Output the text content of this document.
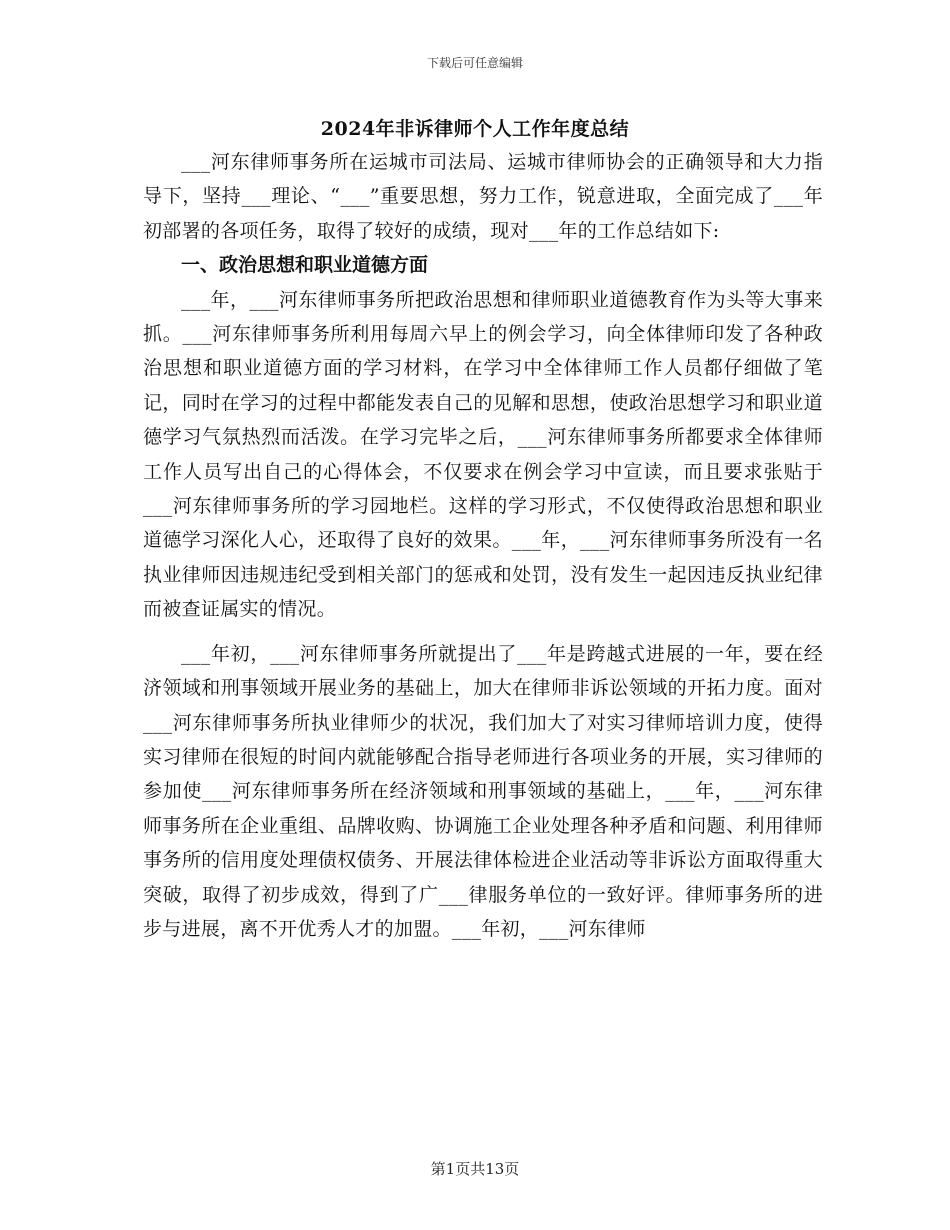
下载后可任意编辑
2024年非诉律师个人工作年度总结

___河东律师事务所在运城市司法局、运城市律师协会的正确领导和大力指导下，坚持___理论、“___”重要思想，努力工作，锐意进取，全面完成了___年初部署的各项任务，取得了较好的成绩，现对___年的工作总结如下:

一、政治思想和职业道德方面

___年，___河东律师事务所把政治思想和律师职业道德教育作为头等大事来抓。___河东律师事务所利用每周六早上的例会学习，向全体律师印发了各种政治思想和职业道德方面的学习材料，在学习中全体律师工作人员都仔细做了笔记，同时在学习的过程中都能发表自己的见解和思想，使政治思想学习和职业道德学习气氛热烈而活泼。在学习完毕之后，___河东律师事务所都要求全体律师工作人员写出自己的心得体会，不仅要求在例会学习中宣读，而且要求张贴于___河东律师事务所的学习园地栏。这样的学习形式，不仅使得政治思想和职业道德学习深化人心，还取得了良好的效果。___年，___河东律师事务所没有一名执业律师因违规违纪受到相关部门的惩戒和处罚，没有发生一起因违反执业纪律而被查证属实的情况。

___年初，___河东律师事务所就提出了___年是跨越式进展的一年，要在经济领域和刑事领域开展业务的基础上，加大在律师非诉讼领域的开拓力度。面对___河东律师事务所执业律师少的状况，我们加大了对实习律师培训力度，使得实习律师在很短的时间内就能够配合指导老师进行各项业务的开展，实习律师的参加使___河东律师事务所在经济领域和刑事领域的基础上，___年，___河东律师事务所在企业重组、品牌收购、协调施工企业处理各种矛盾和问题、利用律师事务所的信用度处理债权债务、开展法律体检进企业活动等非诉讼方面取得重大突破，取得了初步成效，得到了广___律服务单位的一致好评。律师事务所的进步与进展，离不开优秀人才的加盟。___年初，___河东律师

第1页共13页
